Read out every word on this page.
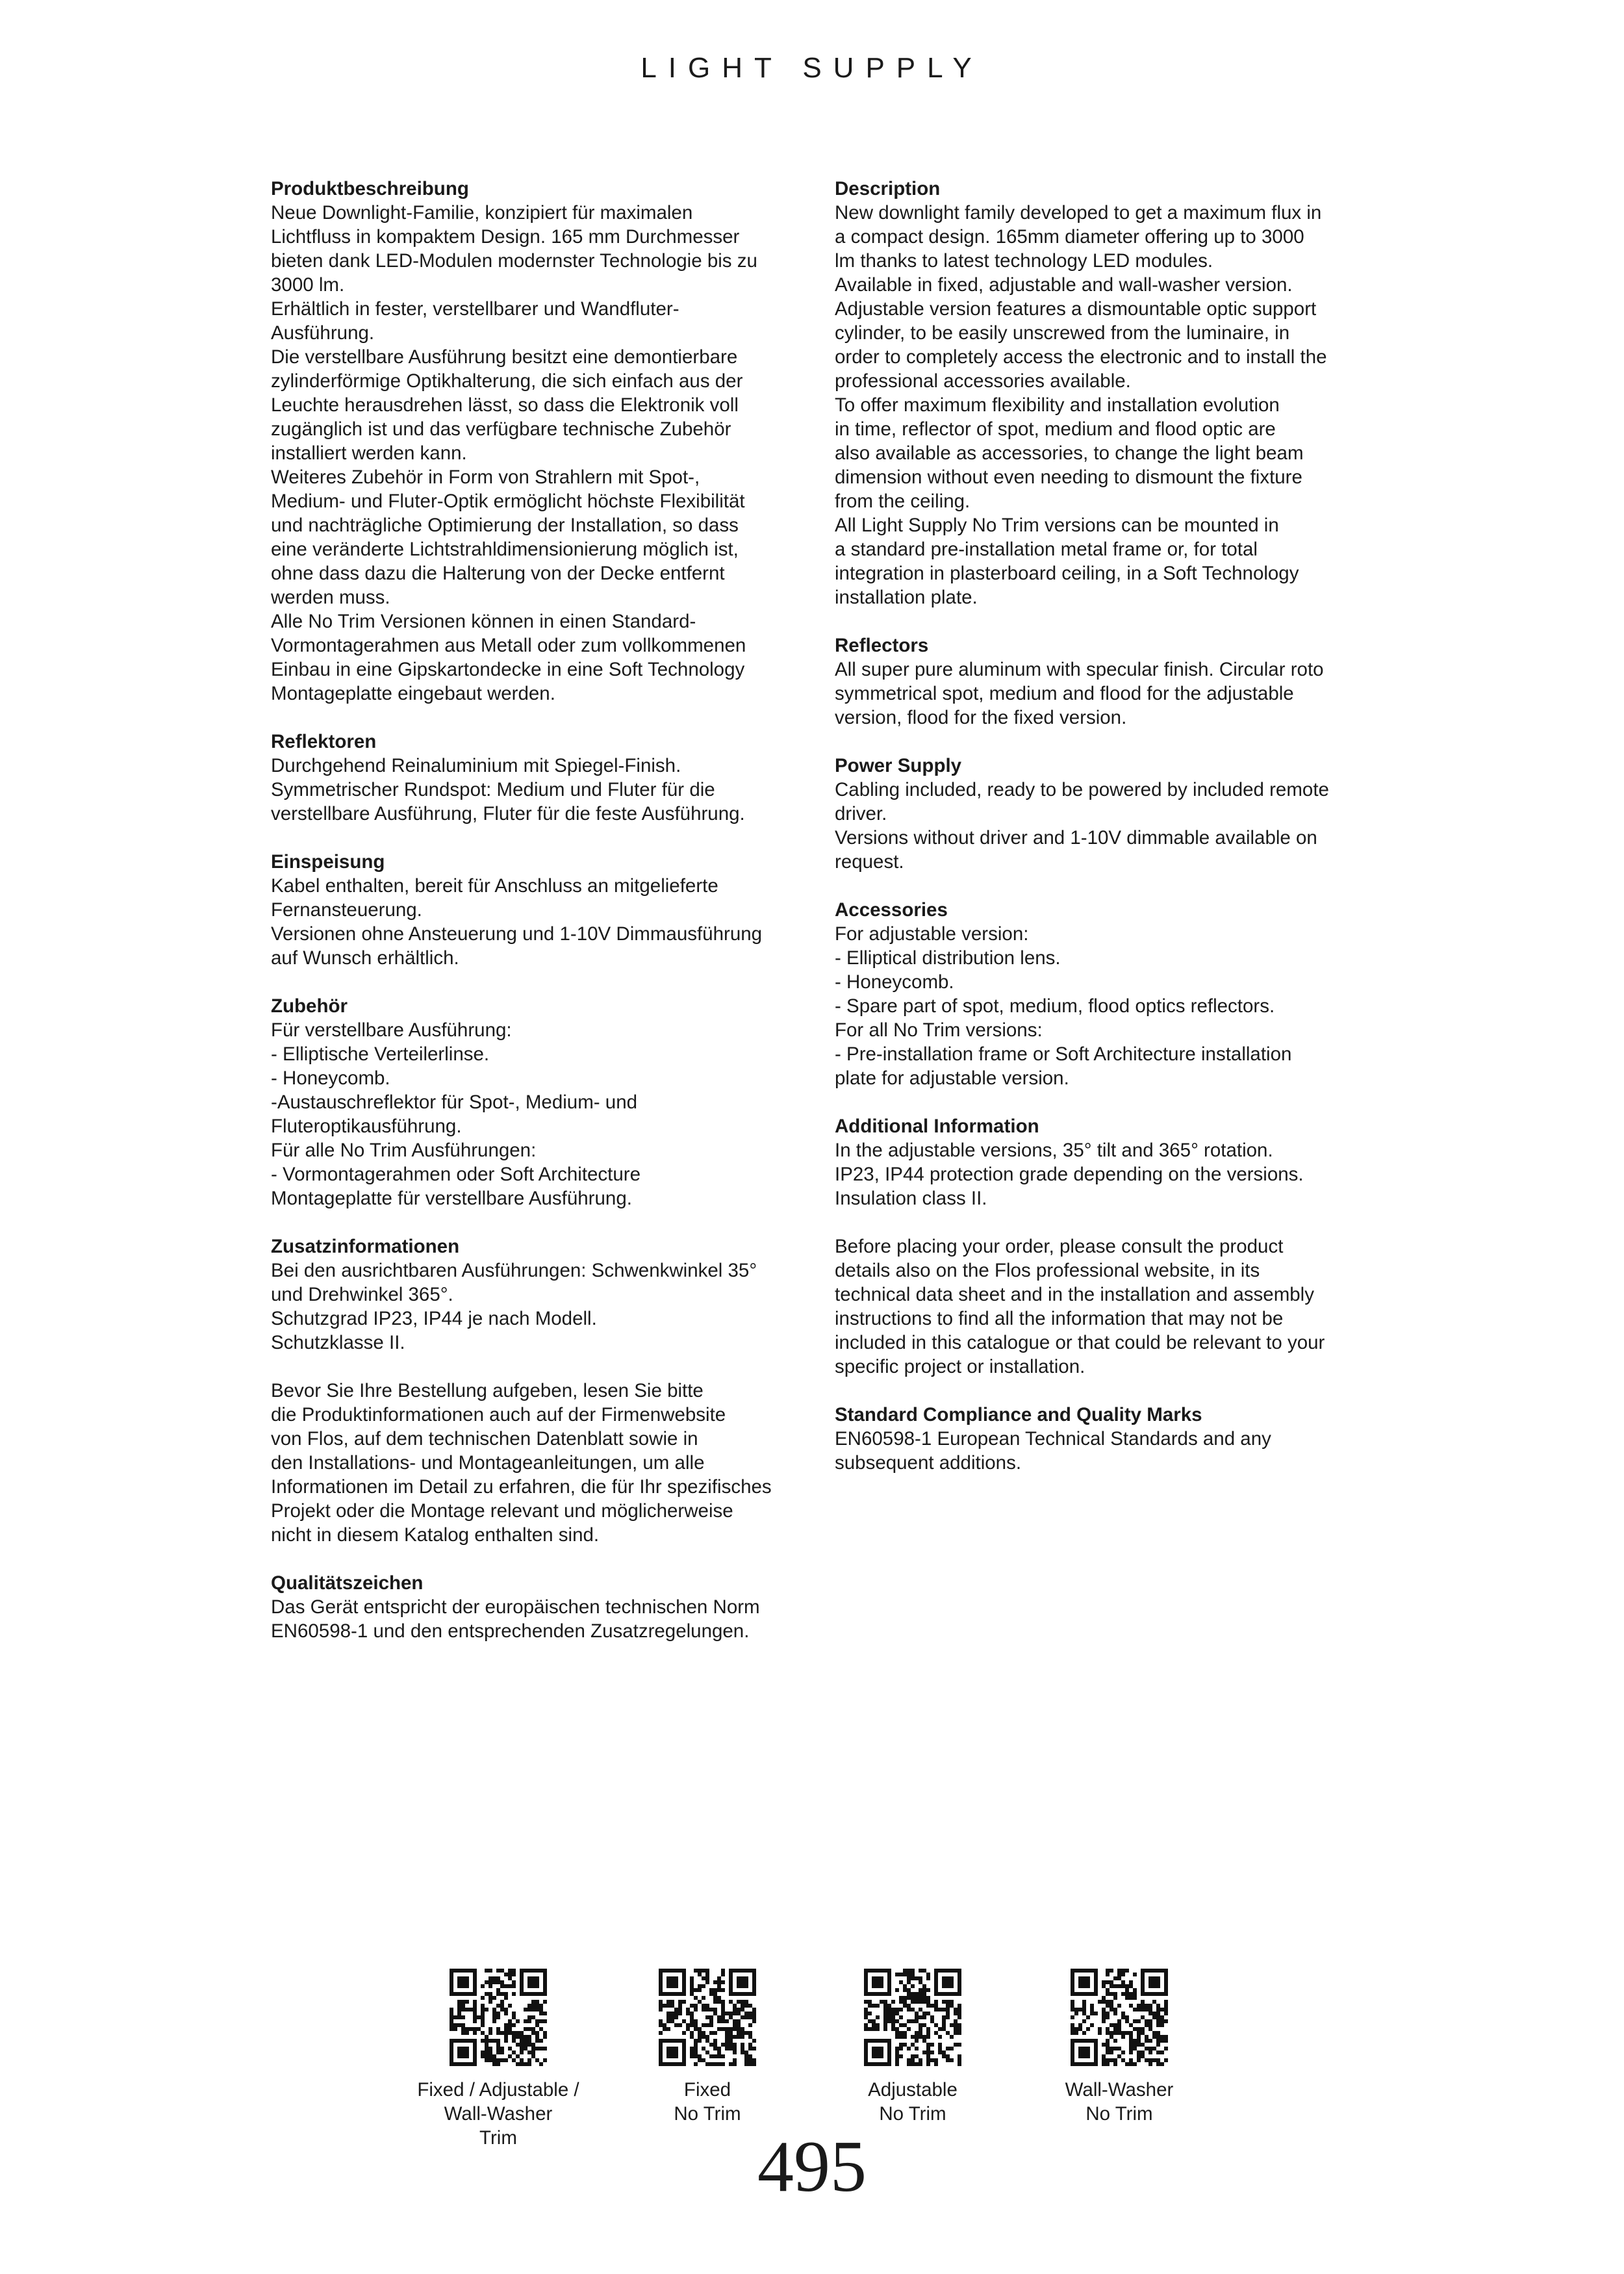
LIGHT SUPPLY
Produktbeschreibung
Neue Downlight-Familie, konzipiert für maximalen
Lichtfluss in kompaktem Design. 165 mm Durchmesser
bieten dank LED-Modulen modernster Technologie bis zu
3000 lm.
Erhältlich in fester, verstellbarer und Wandfluter-
Ausführung.
Die verstellbare Ausführung besitzt eine demontierbare
zylinderförmige Optikhalterung, die sich einfach aus der
Leuchte herausdrehen lässt, so dass die Elektronik voll
zugänglich ist und das verfügbare technische Zubehör
installiert werden kann.
Weiteres Zubehör in Form von Strahlern mit Spot-,
Medium- und Fluter-Optik ermöglicht höchste Flexibilität
und nachträgliche Optimierung der Installation, so dass
eine veränderte Lichtstrahldimensionierung möglich ist,
ohne dass dazu die Halterung von der Decke entfernt
werden muss.
Alle No Trim Versionen können in einen Standard-
Vormontagerahmen aus Metall oder zum vollkommenen
Einbau in eine Gipskartondecke in eine Soft Technology
Montageplatte eingebaut werden.
Reflektoren
Durchgehend Reinaluminium mit Spiegel-Finish.
Symmetrischer Rundspot: Medium und Fluter für die
verstellbare Ausführung, Fluter für die feste Ausführung.
Einspeisung
Kabel enthalten, bereit für Anschluss an mitgelieferte
Fernansteuerung.
Versionen ohne Ansteuerung und 1-10V Dimmausführung
auf Wunsch erhältlich.
Zubehör
Für verstellbare Ausführung:
- Elliptische Verteilerlinse.
- Honeycomb.
-Austauschreflektor für Spot-, Medium- und
Fluteroptikausführung.
Für alle No Trim Ausführungen:
- Vormontagerahmen oder Soft Architecture
Montageplatte für verstellbare Ausführung.
Zusatzinformationen
Bei den ausrichtbaren Ausführungen: Schwenkwinkel 35°
und Drehwinkel 365°.
Schutzgrad IP23, IP44 je nach Modell.
Schutzklasse II.
Bevor Sie Ihre Bestellung aufgeben, lesen Sie bitte
die Produktinformationen auch auf der Firmenwebsite
von Flos, auf dem technischen Datenblatt sowie in
den Installations- und Montageanleitungen, um alle
Informationen im Detail zu erfahren, die für Ihr spezifisches
Projekt oder die Montage relevant und möglicherweise
nicht in diesem Katalog enthalten sind.
Qualitätszeichen
Das Gerät entspricht der europäischen technischen Norm
EN60598-1 und den entsprechenden Zusatzregelungen.
Description
New downlight family developed to get a maximum flux in
a compact design. 165mm diameter offering up to 3000
lm thanks to latest technology LED modules.
Available in fixed, adjustable and wall-washer version.
Adjustable version features a dismountable optic support
cylinder, to be easily unscrewed from the luminaire, in
order to completely access the electronic and to install the
professional accessories available.
To offer maximum flexibility and installation evolution
in time, reflector of spot, medium and flood optic are
also available as accessories, to change the light beam
dimension without even needing to dismount the fixture
from the ceiling.
All Light Supply No Trim versions can be mounted in
a standard pre-installation metal frame or, for total
integration in plasterboard ceiling, in a Soft Technology
installation plate.
Reflectors
All super pure aluminum with specular finish. Circular roto
symmetrical spot, medium and flood for the adjustable
version, flood for the fixed version.
Power Supply
Cabling included, ready to be powered by included remote
driver.
Versions without driver and 1-10V dimmable available on
request.
Accessories
For adjustable version:
- Elliptical distribution lens.
- Honeycomb.
- Spare part of spot, medium, flood optics reflectors.
For all No Trim versions:
- Pre-installation frame or Soft Architecture installation
plate for adjustable version.
Additional Information
In the adjustable versions, 35° tilt and 365° rotation.
IP23, IP44 protection grade depending on the versions.
Insulation class II.
Before placing your order, please consult the product
details also on the Flos professional website, in its
technical data sheet and in the installation and assembly
instructions to find all the information that may not be
included in this catalogue or that could be relevant to your
specific project or installation.
Standard Compliance and Quality Marks
EN60598-1 European Technical Standards and any
subsequent additions.
Fixed / Adjustable /
Wall-Washer
Trim
Fixed
No Trim
Adjustable
No Trim
Wall-Washer
No Trim
495
